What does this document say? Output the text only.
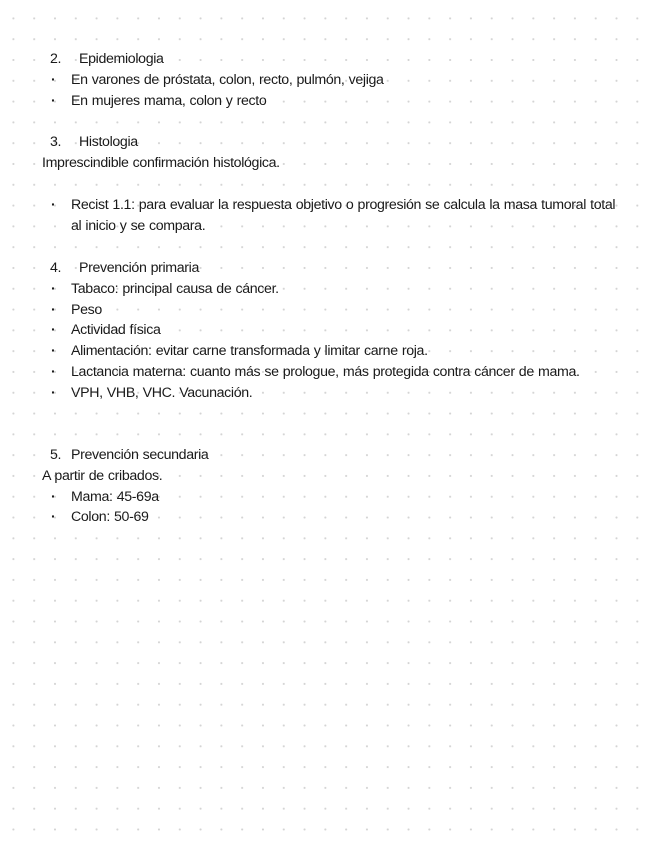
2. Epidemiologia
· En varones de próstata, colon, recto, pulmón, vejiga
· En mujeres mama, colon y recto
3. Histologia
Imprescindible confirmación histológica.
· Recist 1.1: para evaluar la respuesta objetivo o progresión se calcula la masa tumoral total al inicio y se compara.
4. Prevención primaria
· Tabaco: principal causa de cáncer.
· Peso
· Actividad física
· Alimentación: evitar carne transformada y limitar carne roja.
· Lactancia materna: cuanto más se prologue, más protegida contra cáncer de mama.
· VPH, VHB, VHC. Vacunación.
5. Prevención secundaria
A partir de cribados.
· Mama: 45-69a
· Colon: 50-69
